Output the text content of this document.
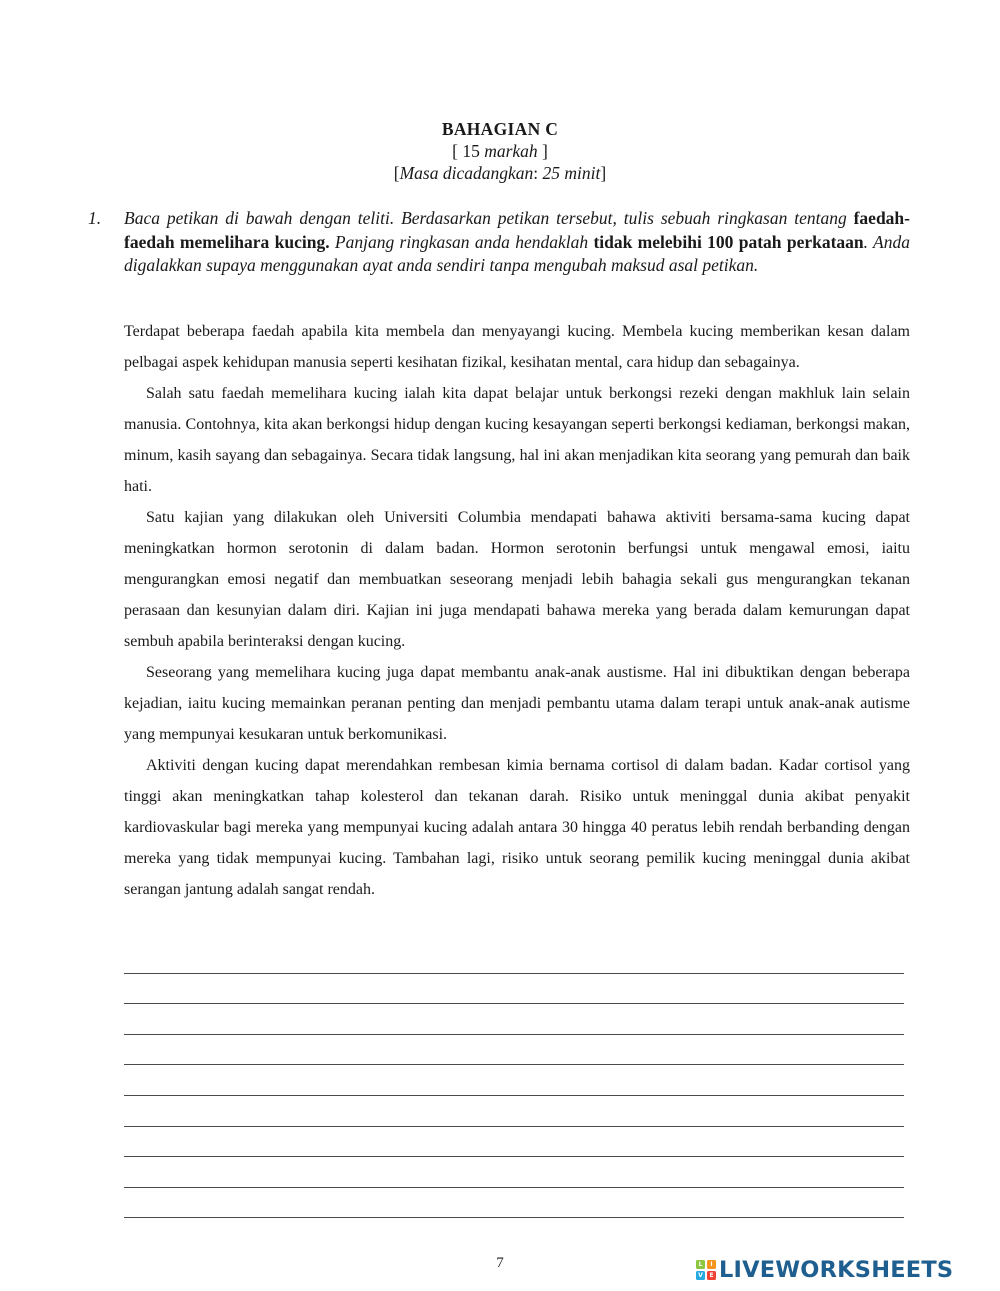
BAHAGIAN C
[ 15 markah ]
[Masa dicadangkan: 25 minit]
1. Baca petikan di bawah dengan teliti. Berdasarkan petikan tersebut, tulis sebuah ringkasan tentang faedah-faedah memelihara kucing. Panjang ringkasan anda hendaklah tidak melebihi 100 patah perkataan. Anda digalakkan supaya menggunakan ayat anda sendiri tanpa mengubah maksud asal petikan.

Terdapat beberapa faedah apabila kita membela dan menyayangi kucing. Membela kucing memberikan kesan dalam pelbagai aspek kehidupan manusia seperti kesihatan fizikal, kesihatan mental, cara hidup dan sebagainya.

Salah satu faedah memelihara kucing ialah kita dapat belajar untuk berkongsi rezeki dengan makhluk lain selain manusia. Contohnya, kita akan berkongsi hidup dengan kucing kesayangan seperti berkongsi kediaman, berkongsi makan, minum, kasih sayang dan sebagainya. Secara tidak langsung, hal ini akan menjadikan kita seorang yang pemurah dan baik hati.

Satu kajian yang dilakukan oleh Universiti Columbia mendapati bahawa aktiviti bersama-sama kucing dapat meningkatkan hormon serotonin di dalam badan. Hormon serotonin berfungsi untuk mengawal emosi, iaitu mengurangkan emosi negatif dan membuatkan seseorang menjadi lebih bahagia sekali gus mengurangkan tekanan perasaan dan kesunyian dalam diri. Kajian ini juga mendapati bahawa mereka yang berada dalam kemurungan dapat sembuh apabila berinteraksi dengan kucing.

Seseorang yang memelihara kucing juga dapat membantu anak-anak austisme. Hal ini dibuktikan dengan beberapa kejadian, iaitu kucing memainkan peranan penting dan menjadi pembantu utama dalam terapi untuk anak-anak autisme yang mempunyai kesukaran untuk berkomunikasi.

Aktiviti dengan kucing dapat merendahkan rembesan kimia bernama cortisol di dalam badan. Kadar cortisol yang tinggi akan meningkatkan tahap kolesterol dan tekanan darah. Risiko untuk meninggal dunia akibat penyakit kardiovaskular bagi mereka yang mempunyai kucing adalah antara 30 hingga 40 peratus lebih rendah berbanding dengan mereka yang tidak mempunyai kucing. Tambahan lagi, risiko untuk seorang pemilik kucing meninggal dunia akibat serangan jantung adalah sangat rendah.

7	L	I
V	E LIVEWORKSHEETS
